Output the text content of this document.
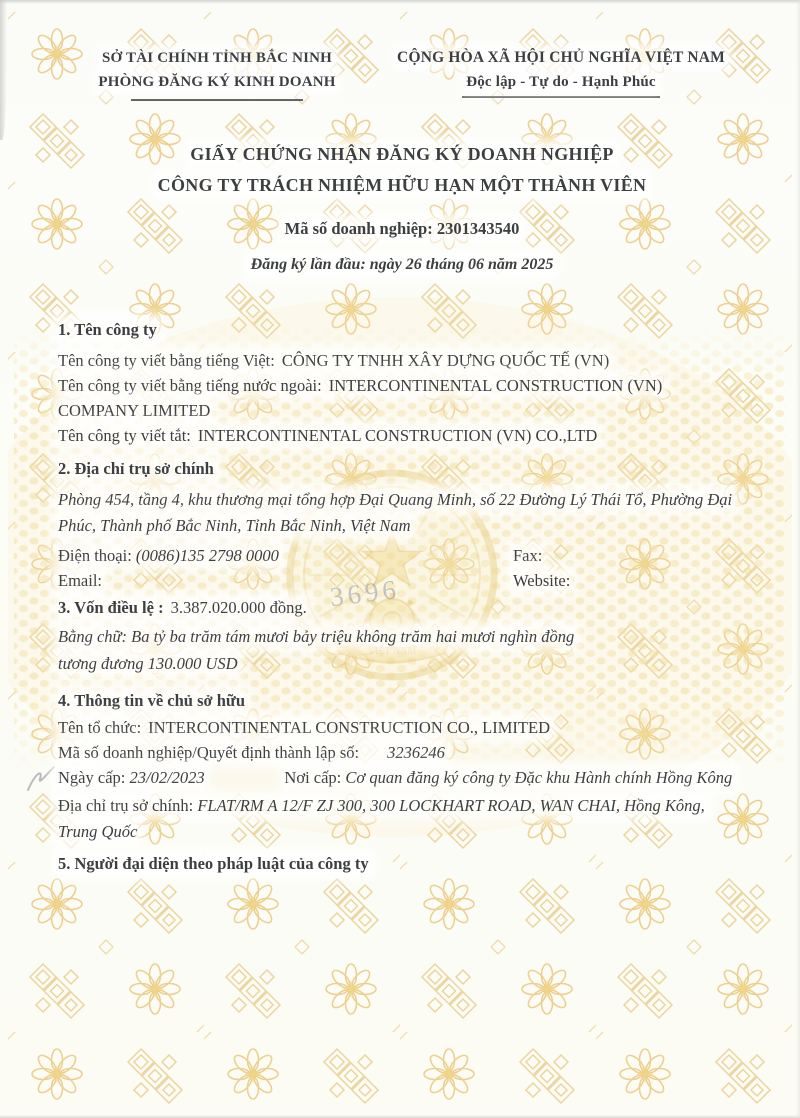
VIỆT NAM
3696
SỞ TÀI CHÍNH TỈNH BẮC NINH
PHÒNG ĐĂNG KÝ KINH DOANH
CỘNG HÒA XÃ HỘI CHỦ NGHĨA VIỆT NAM
Độc lập - Tự do - Hạnh Phúc
GIẤY CHỨNG NHẬN ĐĂNG KÝ DOANH NGHIỆP
CÔNG TY TRÁCH NHIỆM HỮU HẠN MỘT THÀNH VIÊN

Mã số doanh nghiệp: 2301343540

Đăng ký lần đầu: ngày 26 tháng 06 năm 2025

1. Tên công ty

Tên công ty viết bằng tiếng Việt: CÔNG TY TNHH XÂY DỰNG QUỐC TẾ (VN)

Tên công ty viết bằng tiếng nước ngoài: INTERCONTINENTAL CONSTRUCTION (VN) COMPANY LIMITED

Tên công ty viết tắt: INTERCONTINENTAL CONSTRUCTION (VN) CO.,LTD

2. Địa chỉ trụ sở chính

Phòng 454, tầng 4, khu thương mại tổng hợp Đại Quang Minh, số 22 Đường Lý Thái Tổ, Phường Đại Phúc, Thành phố Bắc Ninh, Tỉnh Bắc Ninh, Việt Nam

Điện thoại: (0086)135 2798 0000	Fax:

Email:	Website:

3. Vốn điều lệ : 3.387.020.000 đồng.

Bằng chữ: Ba tỷ ba trăm tám mươi bảy triệu không trăm hai mươi nghìn đồng

tương đương 130.000 USD

4. Thông tin về chủ sở hữu

Tên tổ chức: INTERCONTINENTAL CONSTRUCTION CO., LIMITED

Mã số doanh nghiệp/Quyết định thành lập số: 3236246

Ngày cấp: 23/02/2023	Nơi cấp: Cơ quan đăng ký công ty Đặc khu Hành chính Hồng Kông

Địa chỉ trụ sở chính: FLAT/RM A 12/F ZJ 300, 300 LOCKHART ROAD, WAN CHAI, Hồng Kông, Trung Quốc

5. Người đại diện theo pháp luật của công ty
